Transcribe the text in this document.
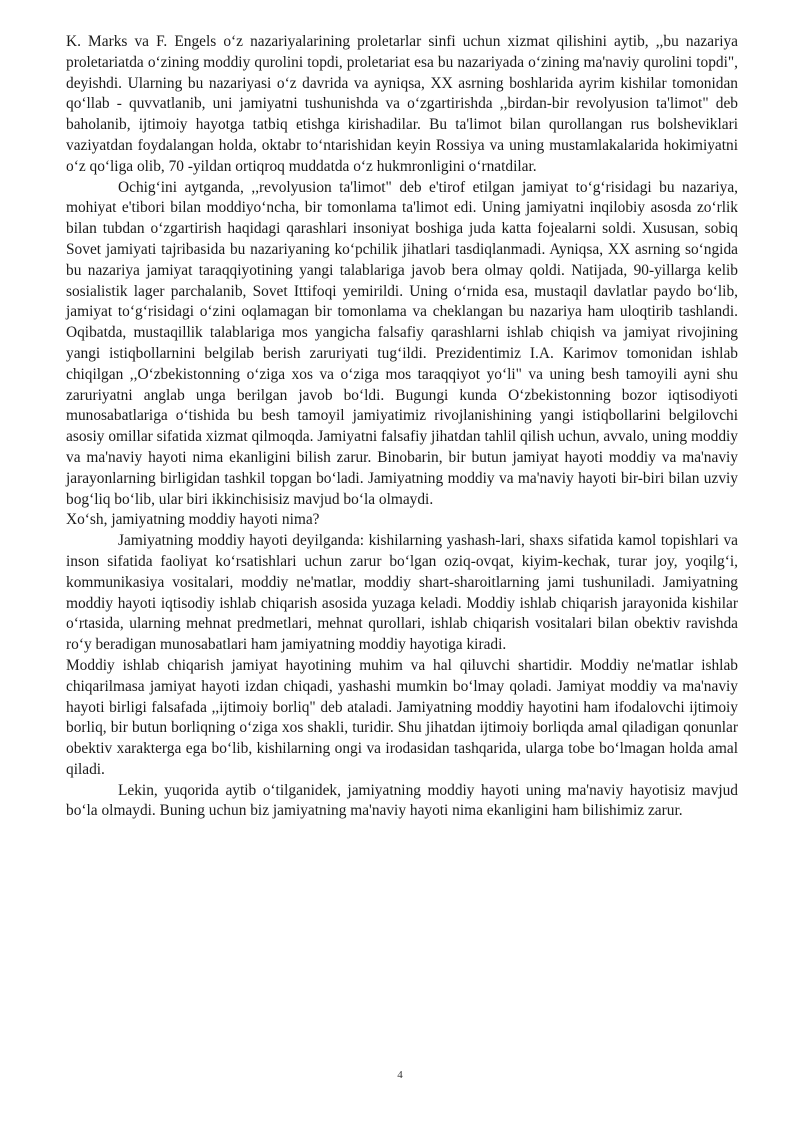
K. Marks va F. Engels oʻz nazariyalarining proletarlar sinfi uchun xizmat qilishini aytib, ,,bu nazariya proletariatda oʻzining moddiy qurolini topdi, proletariat esa bu nazariyada oʻzining ma'naviy qurolini topdi", deyishdi. Ularning bu nazariyasi oʻz davrida va ayniqsa, XX asrning boshlarida ayrim kishilar tomonidan qoʻllab - quvvatlanib, uni jamiyatni tushunishda va oʻzgartirishda ,,birdan-bir revolyusion ta'limot" deb baholanib, ijtimoiy hayotga tatbiq etishga kirishadilar. Bu ta'limot bilan qurollangan rus bolsheviklari vaziyatdan foydalangan holda, oktabr toʻntarishidan keyin Rossiya va uning mustamlakalarida hokimiyatni oʻz qoʻliga olib, 70 -yildan ortiqroq muddatda oʻz hukmronligini oʻrnatdilar.

Ochigʻini aytganda, ,,revolyusion ta'limot" deb e'tirof etilgan jamiyat toʻgʻrisidagi bu nazariya, mohiyat e'tibori bilan moddiyoʻncha, bir tomonlama ta'limot edi. Uning jamiyatni inqilobiy asosda zoʻrlik bilan tubdan oʻzgartirish haqidagi qarashlari insoniyat boshiga juda katta fojealarni soldi. Xususan, sobiq Sovet jamiyati tajribasida bu nazariyaning koʻpchilik jihatlari tasdiqlanmadi. Ayniqsa, XX asrning soʻngida bu nazariya jamiyat taraqqiyotining yangi talablariga javob bera olmay qoldi. Natijada, 90-yillarga kelib sosialistik lager parchalanib, Sovet Ittifoqi yemirildi. Uning oʻrnida esa, mustaqil davlatlar paydo boʻlib, jamiyat toʻgʻrisidagi oʻzini oqlamagan bir tomonlama va cheklangan bu nazariya ham uloqtirib tashlandi. Oqibatda, mustaqillik talablariga mos yangicha falsafiy qarashlarni ishlab chiqish va jamiyat rivojining yangi istiqbollarnini belgilab berish zaruriyati tugʻildi. Prezidentimiz I.A. Karimov tomonidan ishlab chiqilgan ,,Oʻzbekistonning oʻziga xos va oʻziga mos taraqqiyot yoʻli" va uning besh tamoyili ayni shu zaruriyatni anglab unga berilgan javob boʻldi. Bugungi kunda Oʻzbekistonning bozor iqtisodiyoti munosabatlariga oʻtishida bu besh tamoyil jamiyatimiz rivojlanishining yangi istiqbollarini belgilovchi asosiy omillar sifatida xizmat qilmoqda. Jamiyatni falsafiy jihatdan tahlil qilish uchun, avvalo, uning moddiy va ma'naviy hayoti nima ekanligini bilish zarur. Binobarin, bir butun jamiyat hayoti moddiy va ma'naviy jarayonlarning birligidan tashkil topgan boʻladi. Jamiyatning moddiy va ma'naviy hayoti bir-biri bilan uzviy bogʻliq boʻlib, ular biri ikkinchisisiz mavjud boʻla olmaydi.

Xoʻsh, jamiyatning moddiy hayoti nima?

Jamiyatning moddiy hayoti deyilganda: kishilarning yashash-lari, shaxs sifatida kamol topishlari va inson sifatida faoliyat koʻrsatishlari uchun zarur boʻlgan oziq-ovqat, kiyim-kechak, turar joy, yoqilgʻi, kommunikasiya vositalari, moddiy ne'matlar, moddiy shart-sharoitlarning jami tushuniladi. Jamiyatning moddiy hayoti iqtisodiy ishlab chiqarish asosida yuzaga keladi. Moddiy ishlab chiqarish jarayonida kishilar oʻrtasida, ularning mehnat predmetlari, mehnat qurollari, ishlab chiqarish vositalari bilan obektiv ravishda roʻy beradigan munosabatlari ham jamiyatning moddiy hayotiga kiradi.

Moddiy ishlab chiqarish jamiyat hayotining muhim va hal qiluvchi shartidir. Moddiy ne'matlar ishlab chiqarilmasa jamiyat hayoti izdan chiqadi, yashashi mumkin boʻlmay qoladi. Jamiyat moddiy va ma'naviy hayoti birligi falsafada ,,ijtimoiy borliq" deb ataladi. Jamiyatning moddiy hayotini ham ifodalovchi ijtimoiy borliq, bir butun borliqning oʻziga xos shakli, turidir. Shu jihatdan ijtimoiy borliqda amal qiladigan qonunlar obektiv xarakterga ega boʻlib, kishilarning ongi va irodasidan tashqarida, ularga tobe boʻlmagan holda amal qiladi.

Lekin, yuqorida aytib oʻtilganidek, jamiyatning moddiy hayoti uning ma'naviy hayotisiz mavjud boʻla olmaydi. Buning uchun biz jamiyatning ma'naviy hayoti nima ekanligini ham bilishimiz zarur.

4
